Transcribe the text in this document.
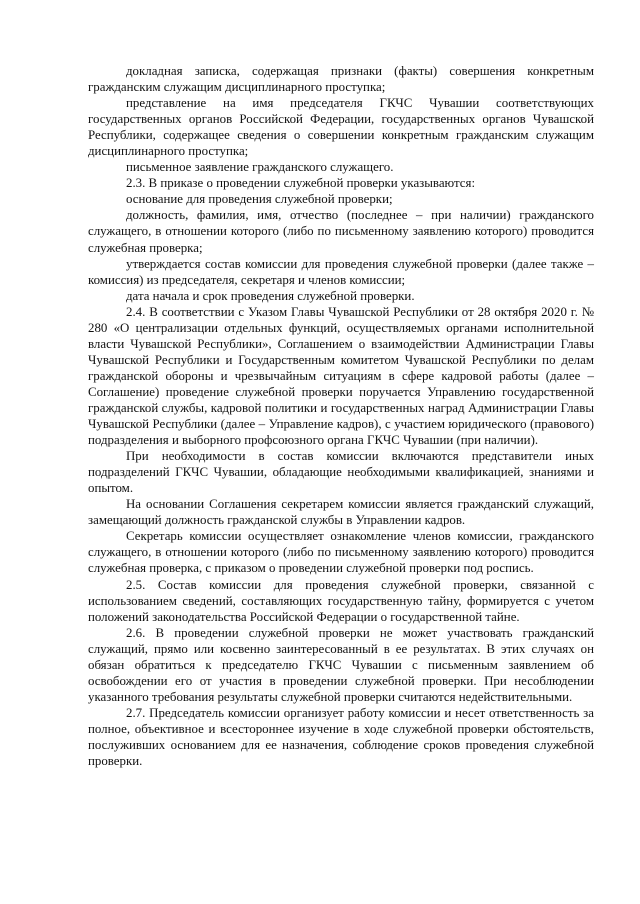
докладная записка, содержащая признаки (факты) совершения конкретным гражданским служащим дисциплинарного проступка;

представление на имя председателя ГКЧС Чувашии соответствующих государственных органов Российской Федерации, государственных органов Чувашской Республики, содержащее сведения о совершении конкретным гражданским служащим дисциплинарного проступка;

письменное заявление гражданского служащего.

2.3. В приказе о проведении служебной проверки указываются:

основание для проведения служебной проверки;

должность, фамилия, имя, отчество (последнее – при наличии) гражданского служащего, в отношении которого (либо по письменному заявлению которого) проводится служебная проверка;

утверждается состав комиссии для проведения служебной проверки (далее также – комиссия) из председателя, секретаря и членов комиссии;

дата начала и срок проведения служебной проверки.

2.4. В соответствии с Указом Главы Чувашской Республики от 28 октября 2020 г. № 280 «О централизации отдельных функций, осуществляемых органами исполнительной власти Чувашской Республики», Соглашением о взаимодействии Администрации Главы Чувашской Республики и Государственным комитетом Чувашской Республики по делам гражданской обороны и чрезвычайным ситуациям в сфере кадровой работы (далее – Соглашение) проведение служебной проверки поручается Управлению государственной гражданской службы, кадровой политики и государственных наград Администрации Главы Чувашской Республики (далее – Управление кадров), с участием юридического (правового) подразделения и выборного профсоюзного органа ГКЧС Чувашии (при наличии).

При необходимости в состав комиссии включаются представители иных подразделений ГКЧС Чувашии, обладающие необходимыми квалификацией, знаниями и опытом.

На основании Соглашения секретарем комиссии является гражданский служащий, замещающий должность гражданской службы в Управлении кадров.

Секретарь комиссии осуществляет ознакомление членов комиссии, гражданского служащего, в отношении которого (либо по письменному заявлению которого) проводится служебная проверка, с приказом о проведении служебной проверки под роспись.

2.5. Состав комиссии для проведения служебной проверки, связанной с использованием сведений, составляющих государственную тайну, формируется с учетом положений законодательства Российской Федерации о государственной тайне.

2.6. В проведении служебной проверки не может участвовать гражданский служащий, прямо или косвенно заинтересованный в ее результатах. В этих случаях он обязан обратиться к председателю ГКЧС Чувашии с письменным заявлением об освобождении его от участия в проведении служебной проверки. При несоблюдении указанного требования результаты служебной проверки считаются недействительными.

2.7. Председатель комиссии организует работу комиссии и несет ответственность за полное, объективное и всестороннее изучение в ходе служебной проверки обстоятельств, послуживших основанием для ее назначения, соблюдение сроков проведения служебной проверки.
